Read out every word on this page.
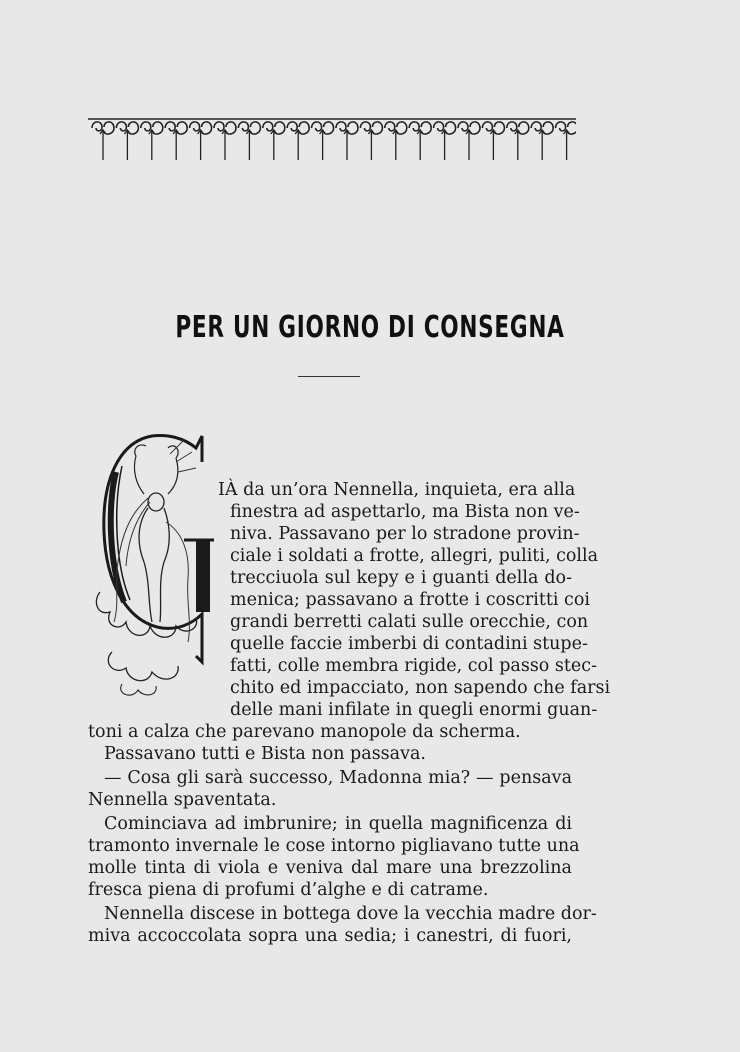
PER UN GIORNO DI CONSEGNA
IÀ da un’ora Nennella, inquieta, era alla
finestra ad aspettarlo, ma Bista non ve-
niva. Passavano per lo stradone provin-
ciale i soldati a frotte, allegri, puliti, colla
trecciuola sul kepy e i guanti della do-
menica; passavano a frotte i coscritti coi
grandi berretti calati sulle orecchie, con
quelle faccie imberbi di contadini stupe-
fatti, colle membra rigide, col passo stec-
chito ed impacciato, non sapendo che farsi
delle mani infilate in quegli enormi guan-
toni a calza che parevano manopole da scherma.
Passavano tutti e Bista non passava.
— Cosa gli sarà successo, Madonna mia? — pensava
Nennella spaventata.
Cominciava ad imbrunire; in quella magnificenza di
tramonto invernale le cose intorno pigliavano tutte una
molle tinta di viola e veniva dal mare una brezzolina
fresca piena di profumi d’alghe e di catrame.
Nennella discese in bottega dove la vecchia madre dor-
miva accoccolata sopra una sedia; i canestri, di fuori,
